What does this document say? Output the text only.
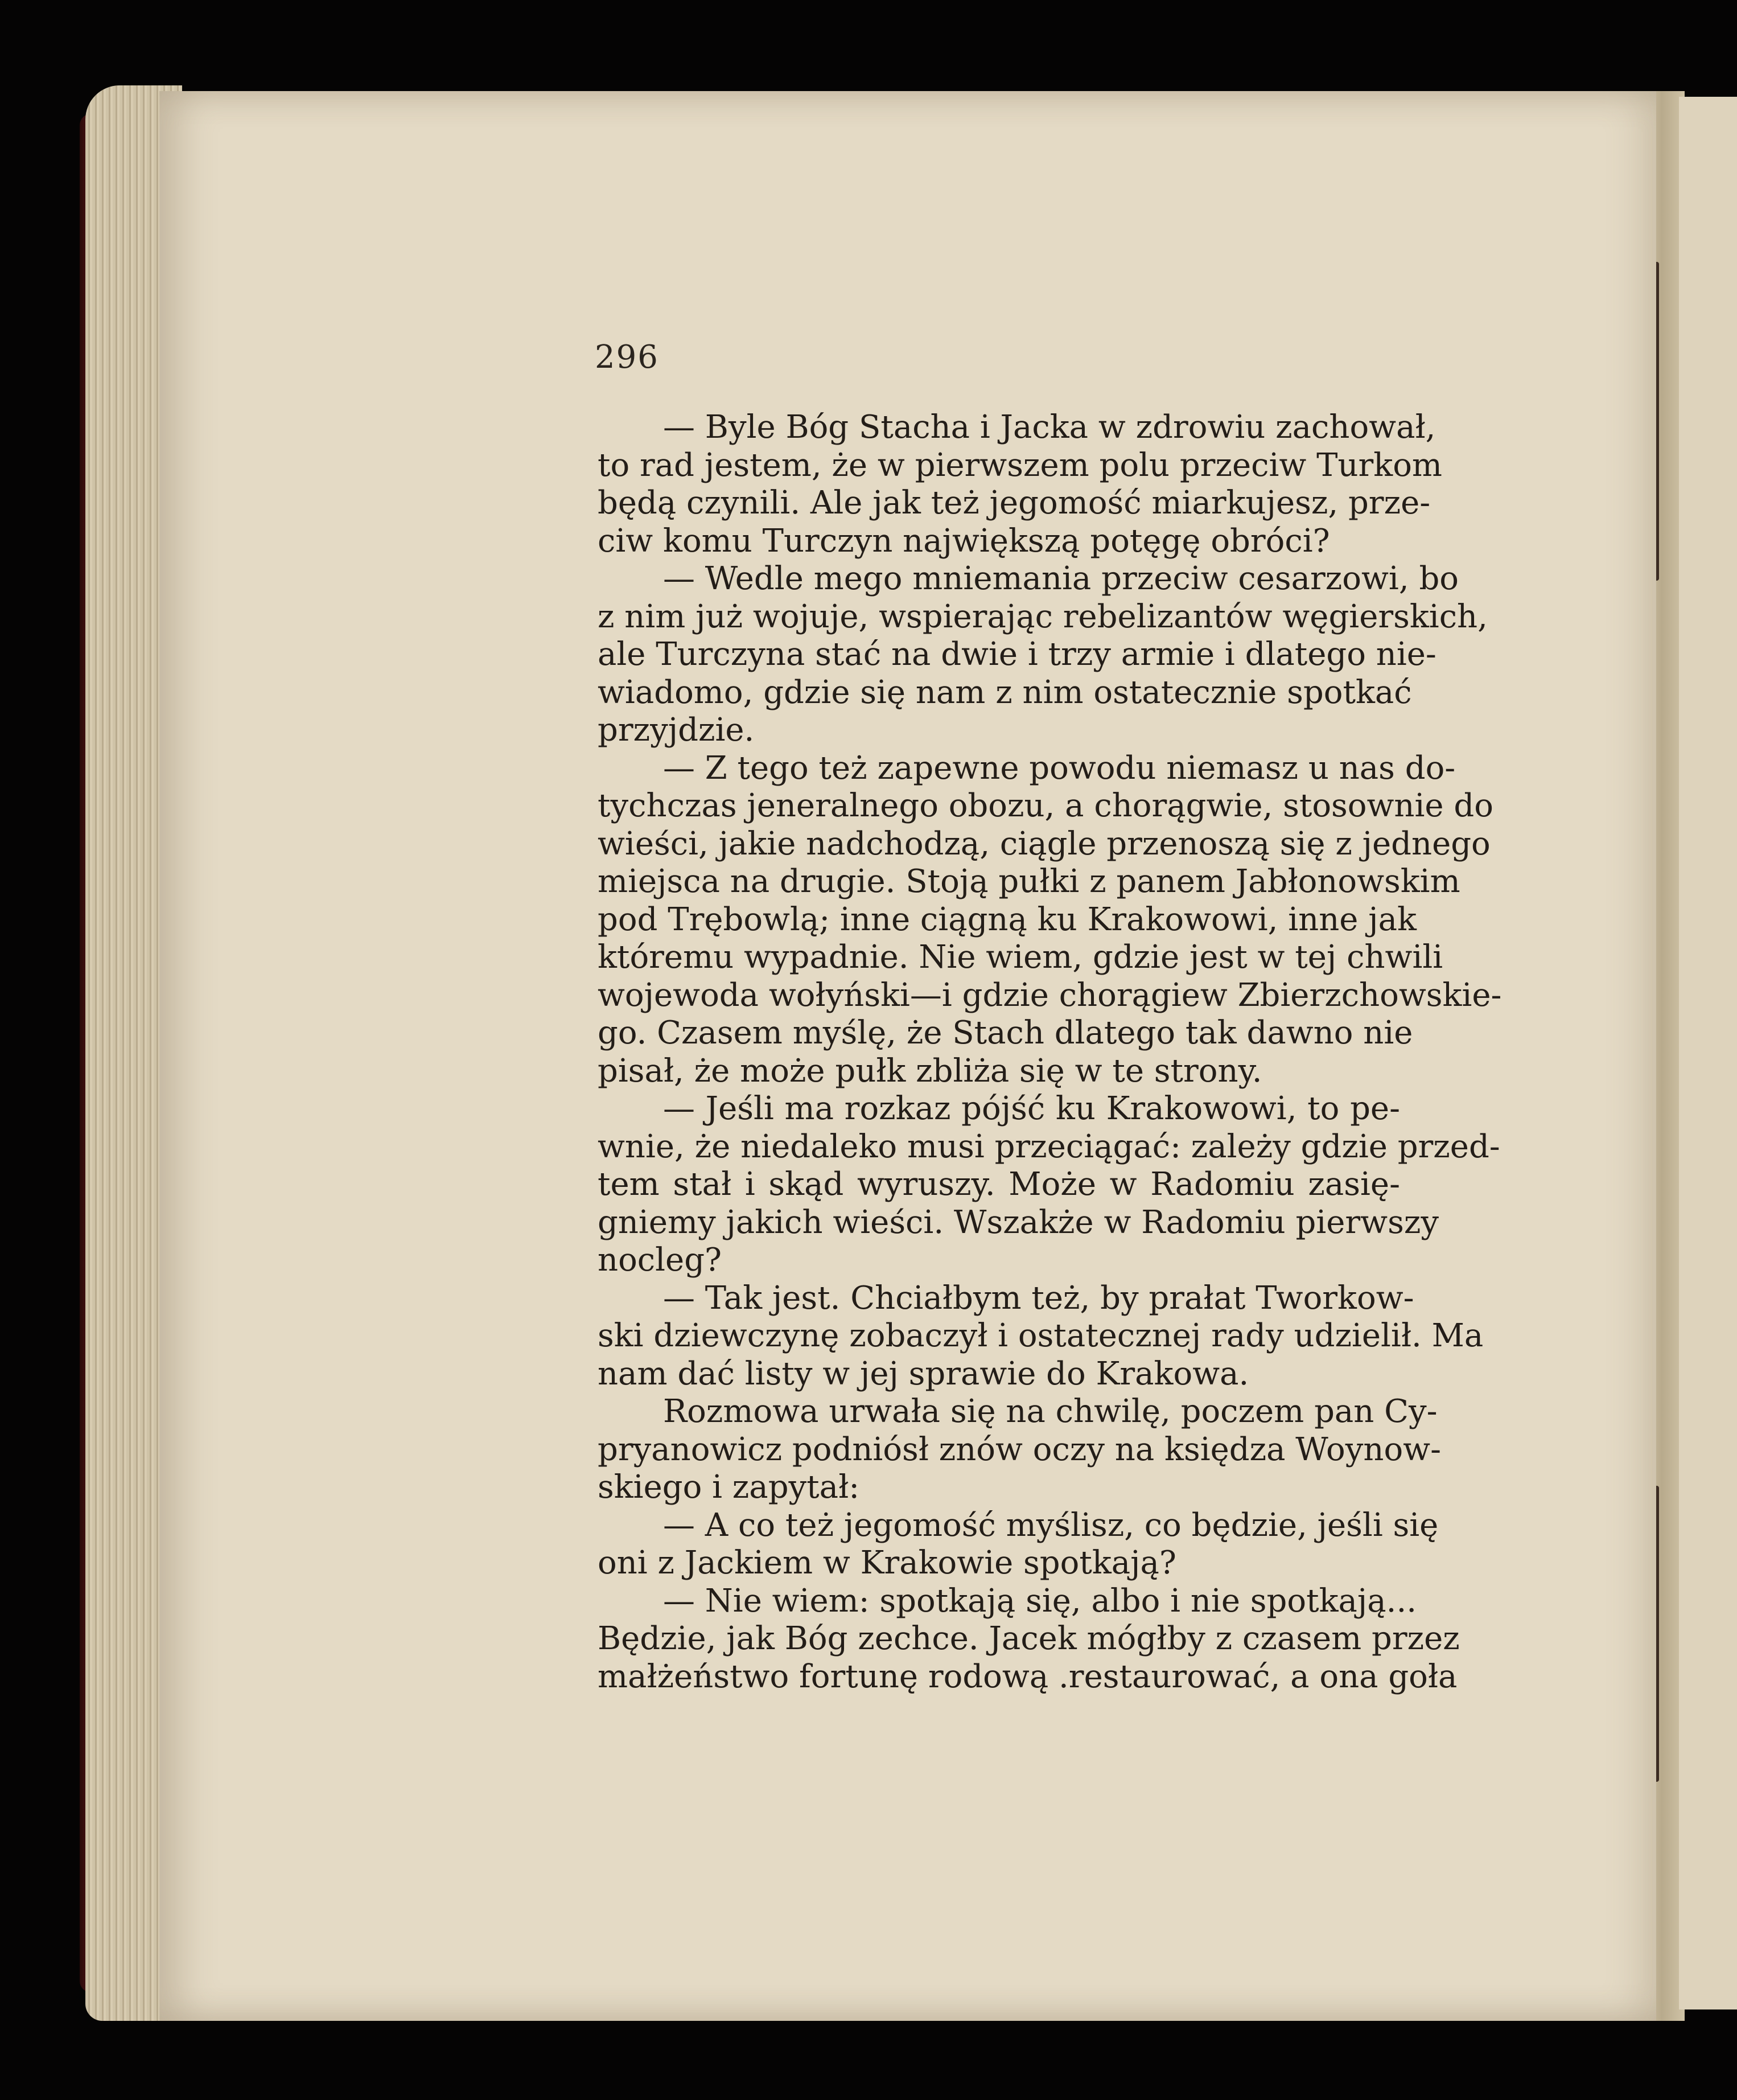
296
— Byle Bóg Stacha i Jacka w zdrowiu zachował,
to rad jestem, że w pierwszem polu przeciw Turkom
będą czynili. Ale jak też jegomość miarkujesz, prze-
ciw komu Turczyn największą potęgę obróci?
— Wedle mego mniemania przeciw cesarzowi, bo
z nim już wojuje, wspierając rebelizantów węgierskich,
ale Turczyna stać na dwie i trzy armie i dlatego nie-
wiadomo, gdzie się nam z nim ostatecznie spotkać
przyjdzie.
— Z tego też zapewne powodu niemasz u nas do-
tychczas jeneralnego obozu, a chorągwie, stosownie do
wieści, jakie nadchodzą, ciągle przenoszą się z jednego
miejsca na drugie. Stoją pułki z panem Jabłonowskim
pod Trębowlą; inne ciągną ku Krakowowi, inne jak
któremu wypadnie. Nie wiem, gdzie jest w tej chwili
wojewoda wołyński—i gdzie chorągiew Zbierzchowskie-
go. Czasem myślę, że Stach dlatego tak dawno nie
pisał, że może pułk zbliża się w te strony.
— Jeśli ma rozkaz pójść ku Krakowowi, to pe-
wnie, że niedaleko musi przeciągać: zależy gdzie przed-
tem stał i skąd wyruszy. Może w Radomiu zasię-
gniemy jakich wieści. Wszakże w Radomiu pierwszy
nocleg?
— Tak jest. Chciałbym też, by prałat Tworkow-
ski dziewczynę zobaczył i ostatecznej rady udzielił. Ma
nam dać listy w jej sprawie do Krakowa.
Rozmowa urwała się na chwilę, poczem pan Cy-
pryanowicz podniósł znów oczy na księdza Woynow-
skiego i zapytał:
— A co też jegomość myślisz, co będzie, jeśli się
oni z Jackiem w Krakowie spotkają?
— Nie wiem: spotkają się, albo i nie spotkają...
Będzie, jak Bóg zechce. Jacek mógłby z czasem przez
małżeństwo fortunę rodową .restaurować, a ona goła
